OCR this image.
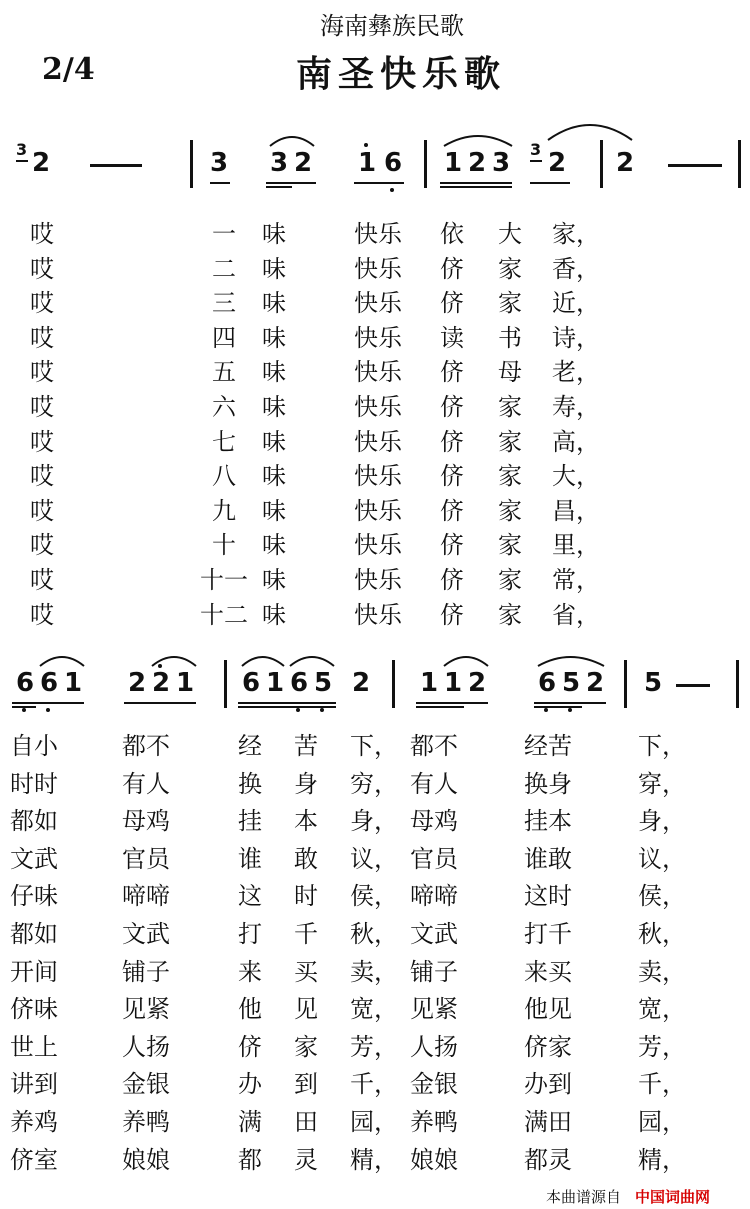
海南彝族民歌
南圣快乐歌
2/4
3 2	3 3 2 1 6 1 2 3 3 2 2
6 6 1 2 2 1 6 1 6 5 2 1 1 2 6 5 2 5
哎	一 味	快乐 依 大 家，
哎	二 味	快乐 侪 家 香，
哎	三 味	快乐 侪 家 近，
哎	四 味	快乐 读 书 诗，
哎	五 味	快乐 侪 母 老，
哎	六 味	快乐 侪 家 寿，
哎	七 味	快乐 侪 家 高，
哎	八 味	快乐 侪 家 大，
哎	九 味	快乐 侪 家 昌，
哎	十 味	快乐 侪 家 里，
哎	十一 味	快乐 侪 家 常，
哎	十二 味	快乐 侪 家 省，
自小	都不	经 苦 下， 都不	经苦	下，
时时	有人	换 身 穷， 有人	换身	穿，
都如	母鸡	挂 本 身， 母鸡	挂本	身，
文武	官员	谁 敢 议， 官员	谁敢	议，
仔味	啼啼	这 时 侯， 啼啼	这时	侯，
都如	文武	打 千 秋， 文武	打千	秋，
开间	铺子	来 买 卖， 铺子	来买	卖，
侪味	见紧	他 见 宽， 见紧	他见	宽，
世上	人扬	侪 家 芳， 人扬	侪家	芳，
讲到	金银	办 到 千， 金银	办到	千，
养鸡	养鸭	满 田 园， 养鸭	满田	园，
侪室	娘娘	都 灵 精， 娘娘	都灵	精，
本曲谱源自 中国词曲网
